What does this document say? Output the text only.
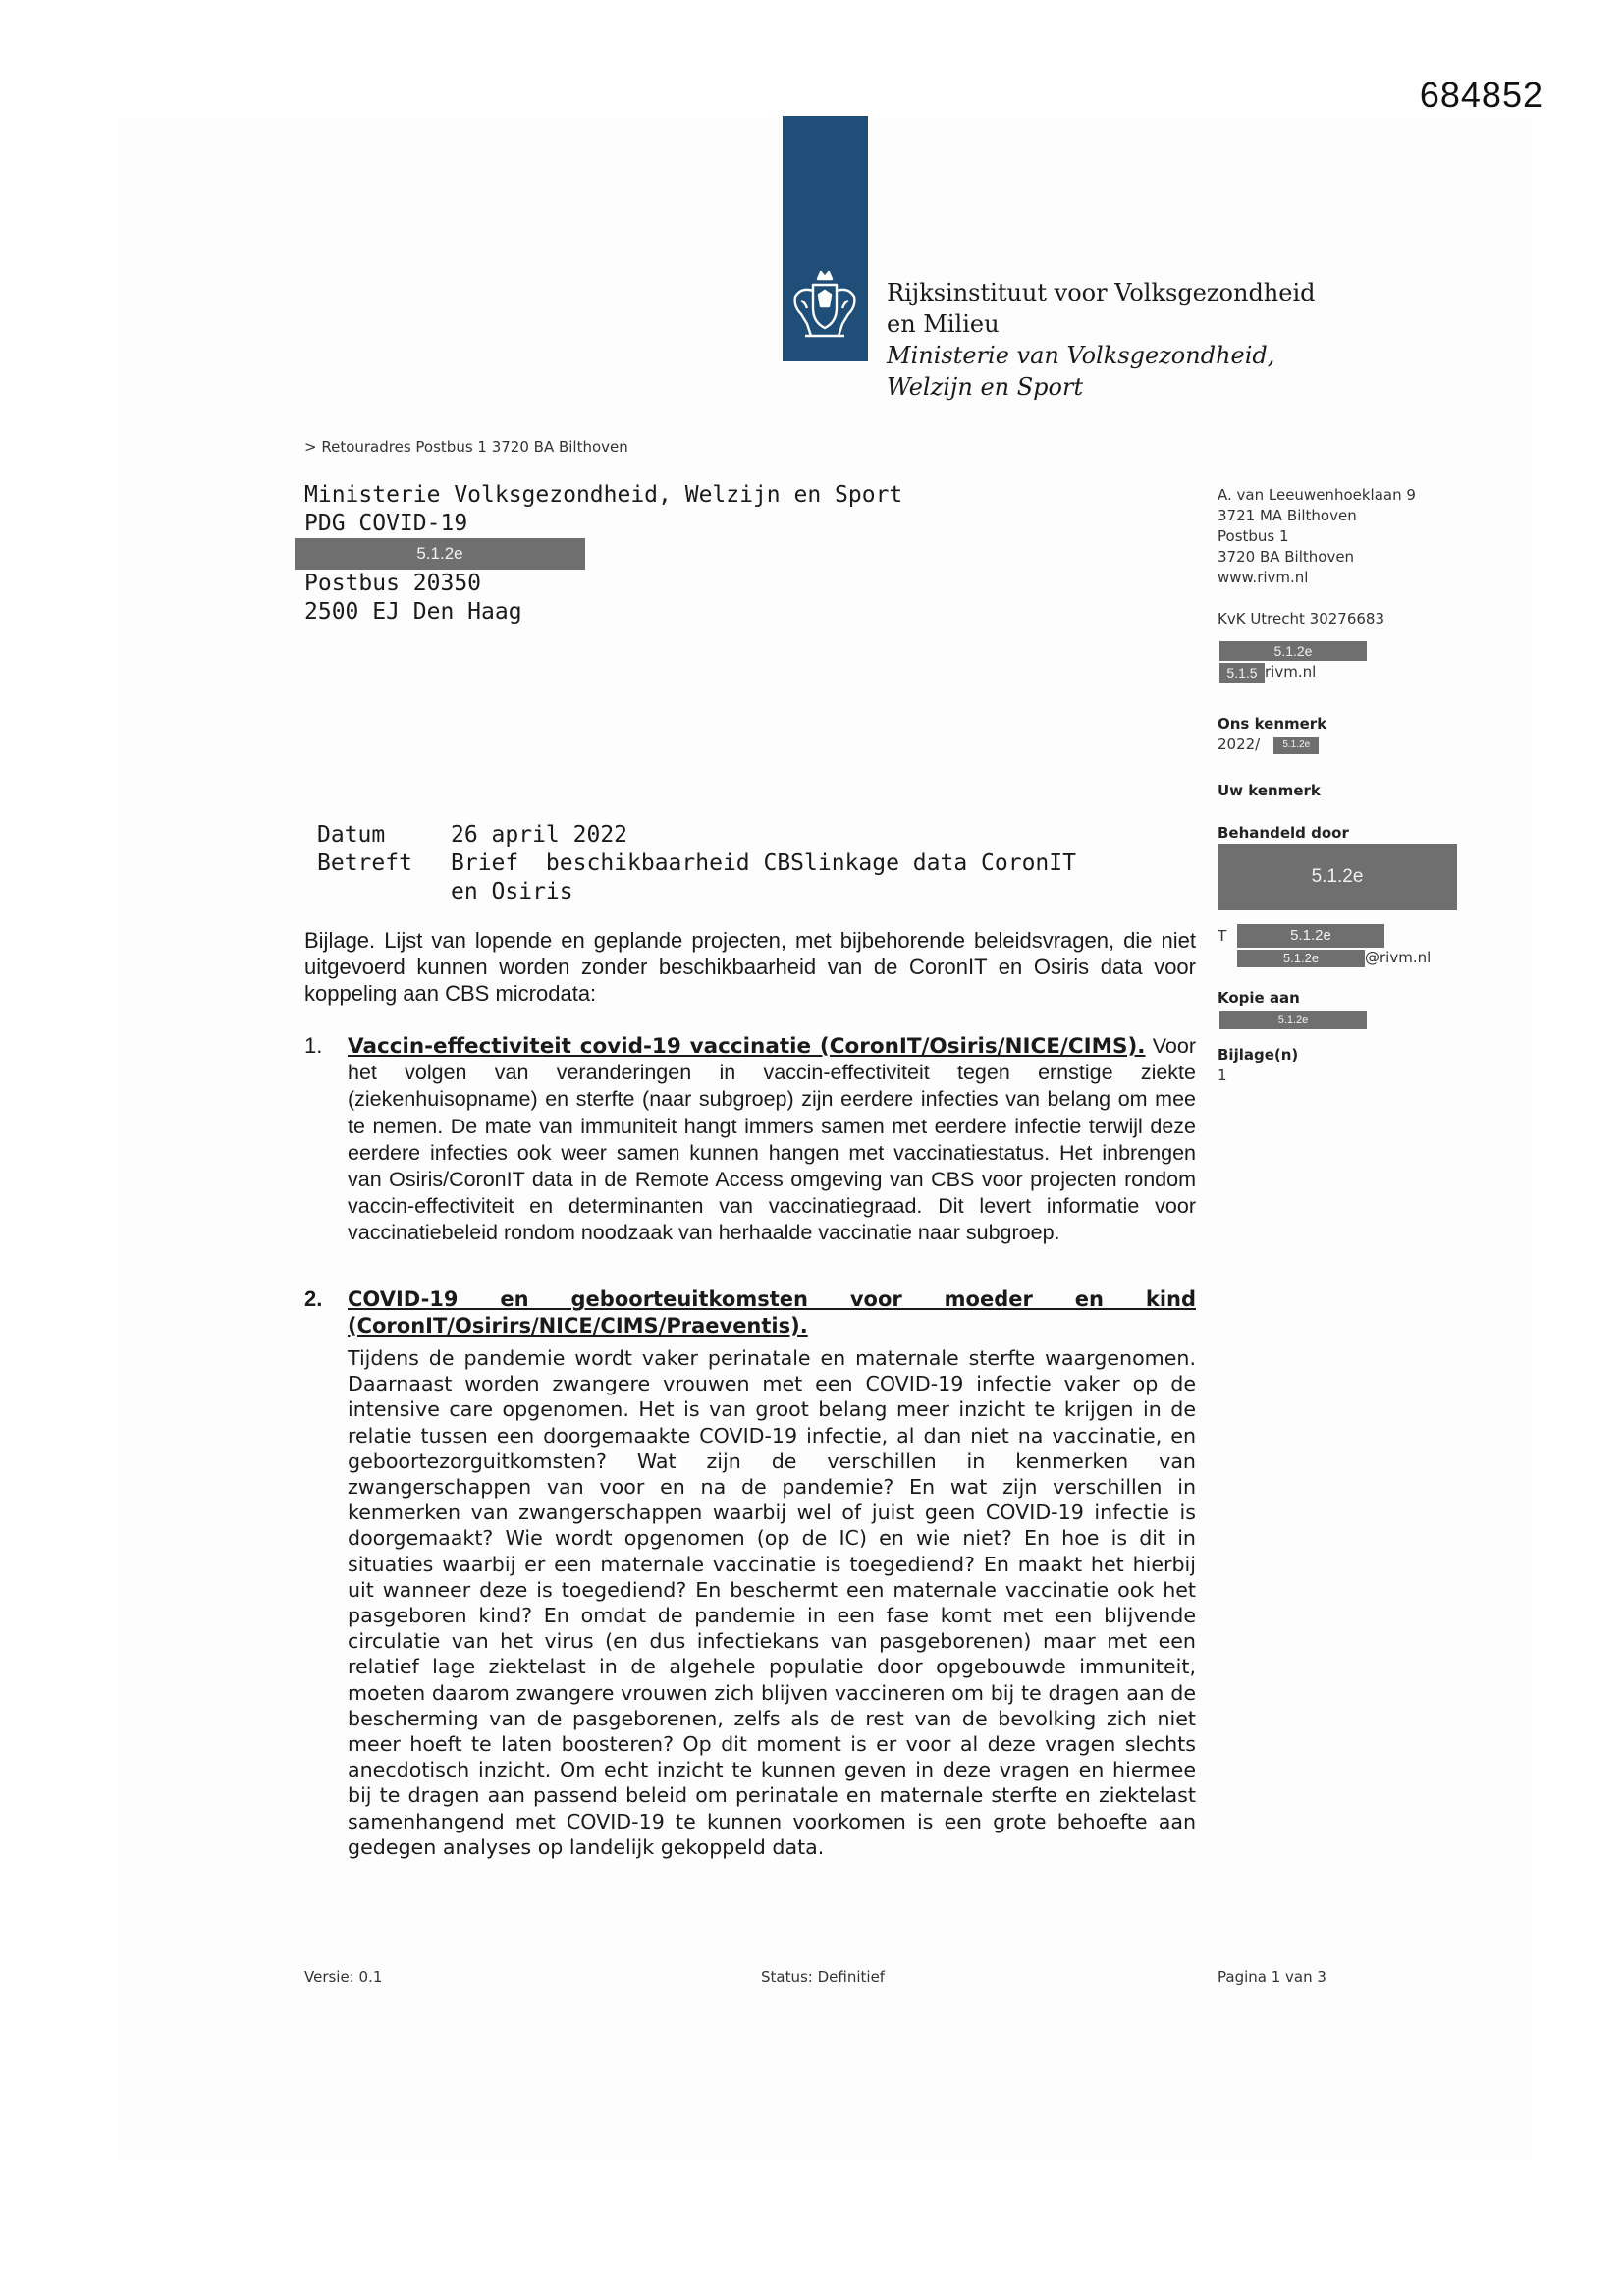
684852
Rijksinstituut voor Volksgezondheid
en Milieu
Ministerie van Volksgezondheid,
Welzijn en Sport
> Retouradres Postbus 1 3720 BA Bilthoven
Ministerie Volksgezondheid, Welzijn en Sport
PDG COVID-19
5.1.2e
Postbus 20350
2500 EJ Den Haag
A. van Leeuwenhoeklaan 9
3721 MA Bilthoven
Postbus 1
3720 BA Bilthoven
www.rivm.nl
KvK Utrecht 30276683
5.1.2e
5.1.5 rivm.nl
Ons kenmerk
2022/	5.1.2e
Uw kenmerk
Behandeld door
5.1.2e
T	5.1.2e
5.1.2e	@rivm.nl
Kopie aan
5.1.2e
Bijlage(n)
1
Datum	26 april 2022
Betreft	Brief  beschikbaarheid CBSlinkage data CoronIT
en Osiris
Bijlage. Lijst van lopende en geplande projecten, met bijbehorende beleidsvragen, die niet uitgevoerd kunnen worden zonder beschikbaarheid van de CoronIT en Osiris data voor koppeling aan CBS microdata:
1.	Vaccin-effectiviteit covid-19 vaccinatie (CoronIT/Osiris/NICE/CIMS). Voor het volgen van veranderingen in vaccin-effectiviteit tegen ernstige ziekte (ziekenhuisopname) en sterfte (naar subgroep) zijn eerdere infecties van belang om mee te nemen. De mate van immuniteit hangt immers samen met eerdere infectie terwijl deze eerdere infecties ook weer samen kunnen hangen met vaccinatiestatus. Het inbrengen van Osiris/CoronIT data in de Remote Access omgeving van CBS voor projecten rondom vaccin-effectiviteit en determinanten van vaccinatiegraad. Dit levert informatie voor vaccinatiebeleid rondom noodzaak van herhaalde vaccinatie naar subgroep.
2.	COVID-19 en geboorteuitkomsten voor moeder en kind
(CoronIT/Osirirs/NICE/CIMS/Praeventis).
Tijdens de pandemie wordt vaker perinatale en maternale sterfte waargenomen. Daarnaast worden zwangere vrouwen met een COVID-19 infectie vaker op de intensive care opgenomen. Het is van groot belang meer inzicht te krijgen in de relatie tussen een doorgemaakte COVID-19 infectie, al dan niet na vaccinatie, en geboortezorguitkomsten? Wat zijn de verschillen in kenmerken van zwangerschappen van voor en na de pandemie? En wat zijn verschillen in kenmerken van zwangerschappen waarbij wel of juist geen COVID-19 infectie is doorgemaakt? Wie wordt opgenomen (op de IC) en wie niet? En hoe is dit in situaties waarbij er een maternale vaccinatie is toegediend? En maakt het hierbij uit wanneer deze is toegediend? En beschermt een maternale vaccinatie ook het pasgeboren kind? En omdat de pandemie in een fase komt met een blijvende circulatie van het virus (en dus infectiekans van pasgeborenen) maar met een relatief lage ziektelast in de algehele populatie door opgebouwde immuniteit, moeten daarom zwangere vrouwen zich blijven vaccineren om bij te dragen aan de bescherming van de pasgeborenen, zelfs als de rest van de bevolking zich niet meer hoeft te laten boosteren? Op dit moment is er voor al deze vragen slechts anecdotisch inzicht. Om echt inzicht te kunnen geven in deze vragen en hiermee bij te dragen aan passend beleid om perinatale en maternale sterfte en ziektelast samenhangend met COVID-19 te kunnen voorkomen is een grote behoefte aan gedegen analyses op landelijk gekoppeld data.
Versie: 0.1	Status: Definitief	Pagina 1 van 3
